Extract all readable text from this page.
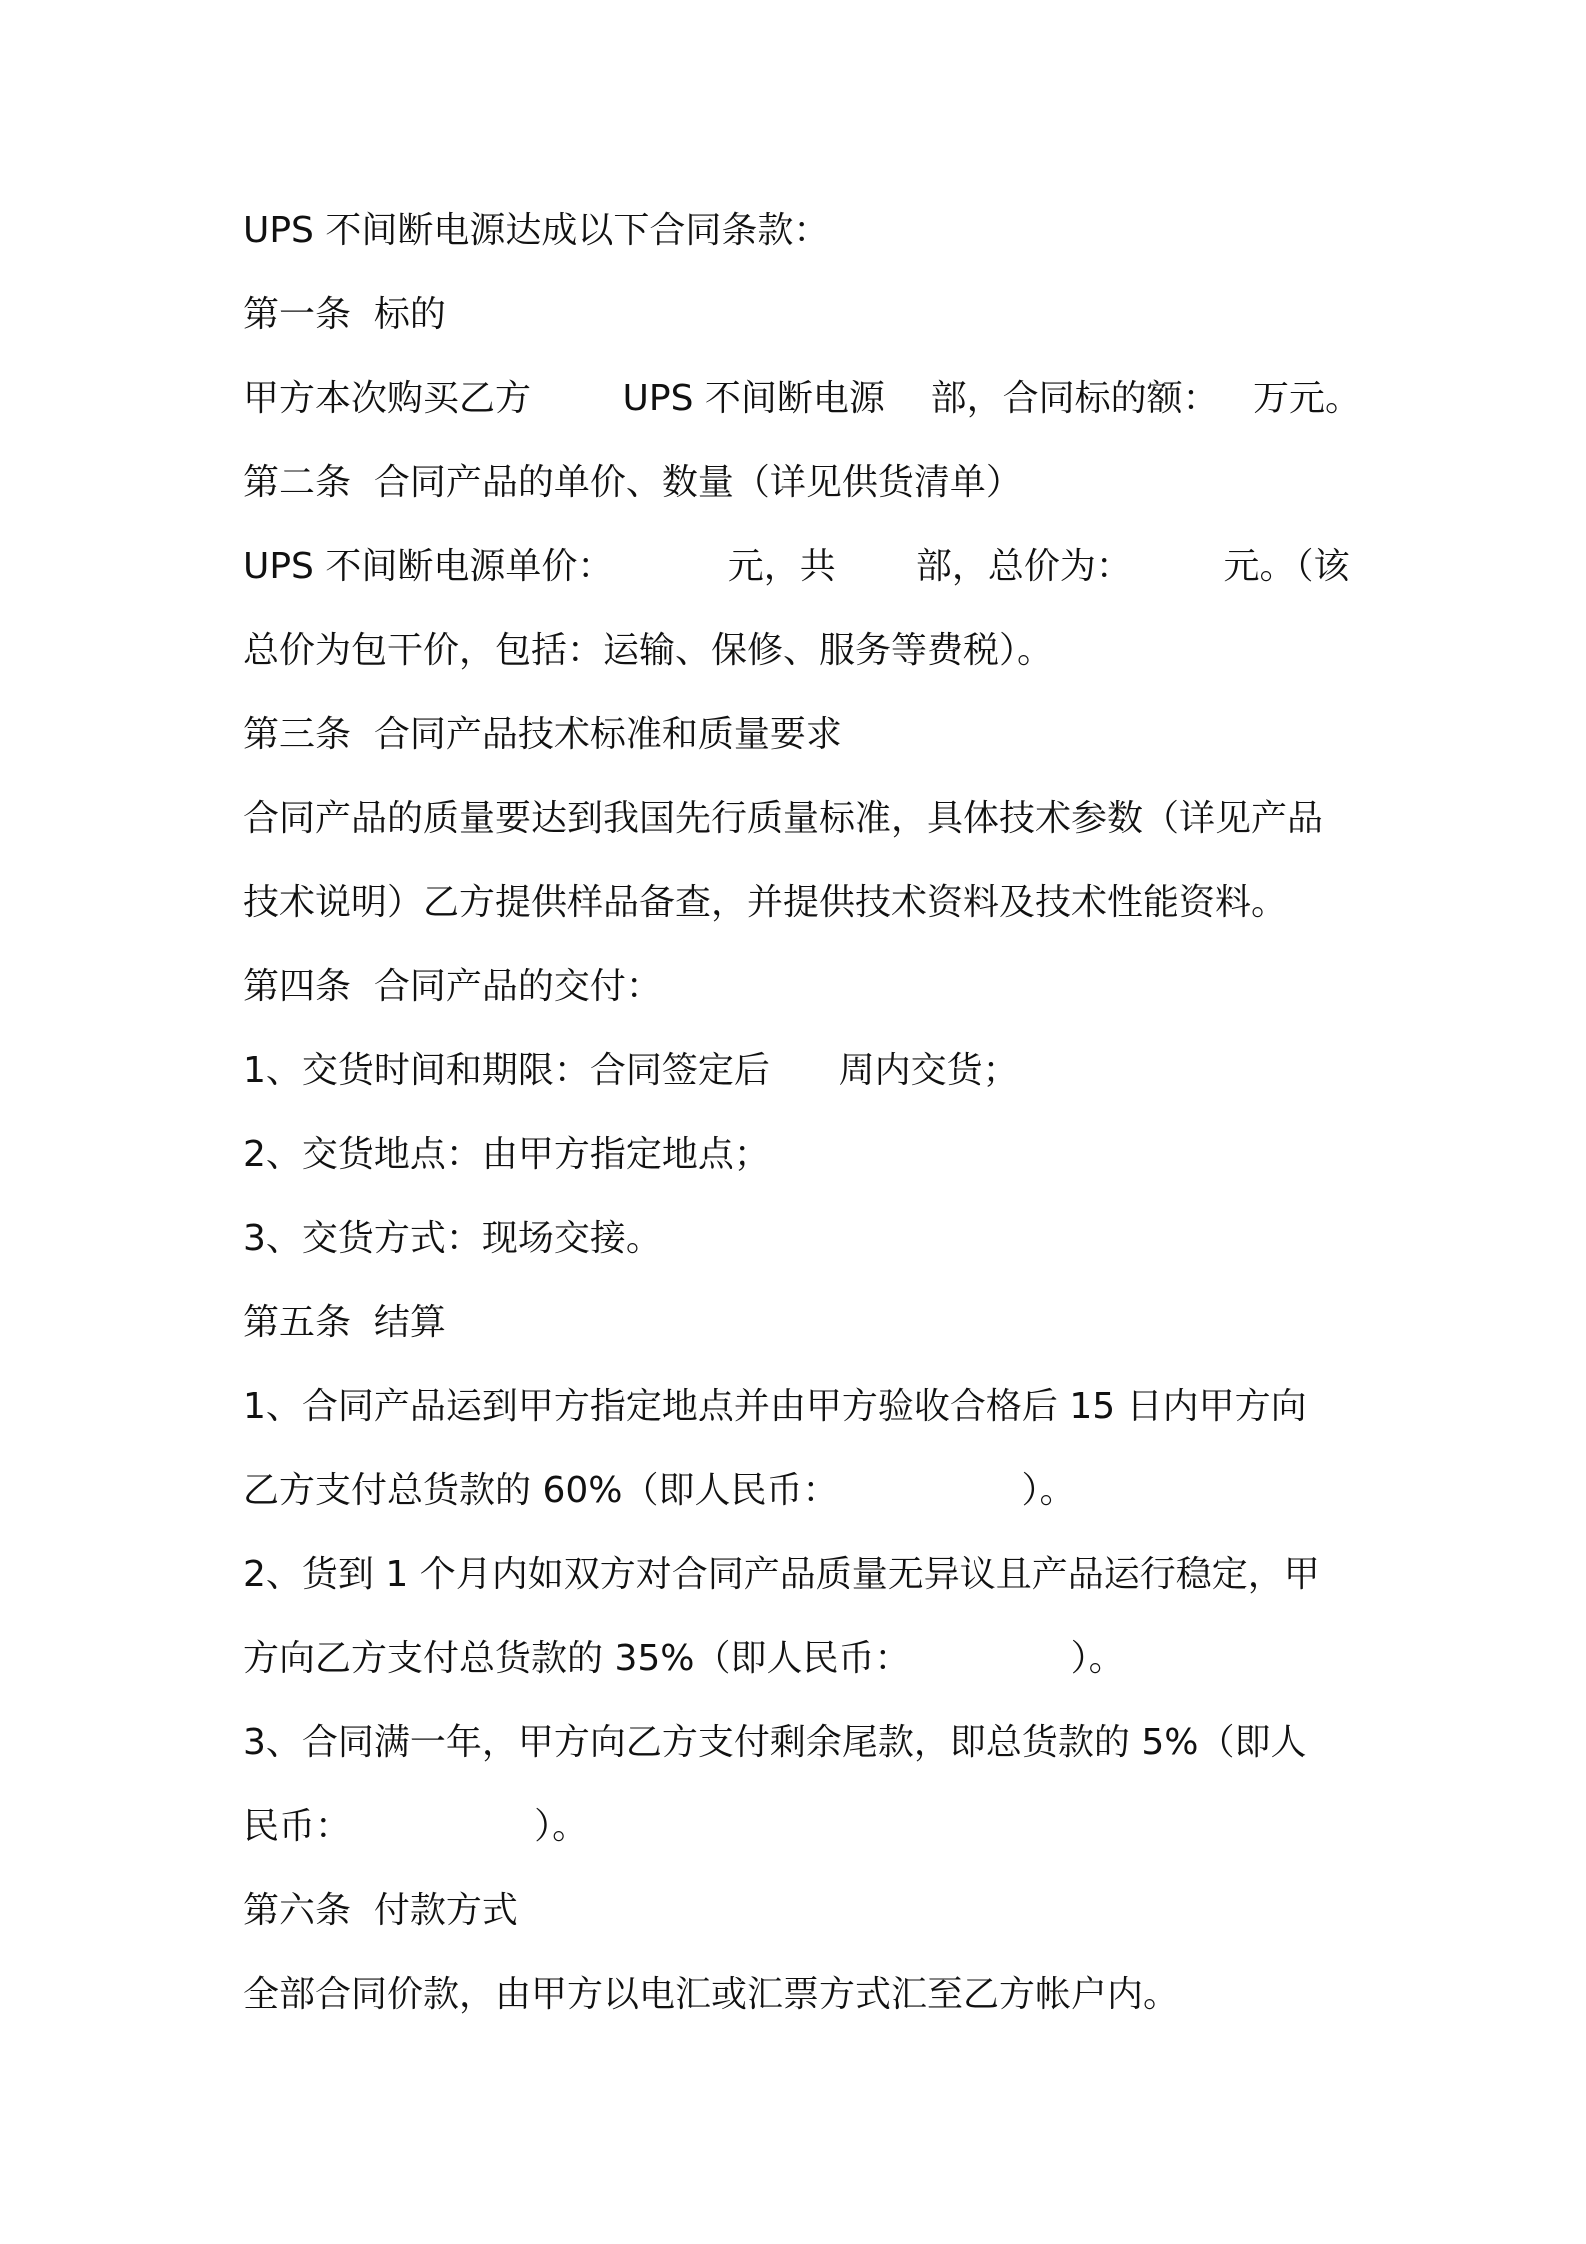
UPS 不间断电源达成以下合同条款：
第一条  标的
甲方本次购买乙方        UPS 不间断电源    部，合同标的额：   万元。
第二条  合同产品的单价、数量（详见供货清单）
UPS 不间断电源单价：          元，共       部，总价为：        元。（该
总价为包干价，包括：运输、保修、服务等费税）。
第三条  合同产品技术标准和质量要求
合同产品的质量要达到我国先行质量标准，具体技术参数（详见产品
技术说明）乙方提供样品备查，并提供技术资料及技术性能资料。
第四条  合同产品的交付：
1、交货时间和期限：合同签定后      周内交货；
2、交货地点：由甲方指定地点；
3、交货方式：现场交接。
第五条  结算
1、合同产品运到甲方指定地点并由甲方验收合格后 15 日内甲方向
乙方支付总货款的 60%（即人民币：                ）。
2、货到 1 个月内如双方对合同产品质量无异议且产品运行稳定，甲
方向乙方支付总货款的 35%（即人民币：              ）。
3、合同满一年，甲方向乙方支付剩余尾款，即总货款的 5%（即人
民币：                ）。
第六条  付款方式
全部合同价款，由甲方以电汇或汇票方式汇至乙方帐户内。
